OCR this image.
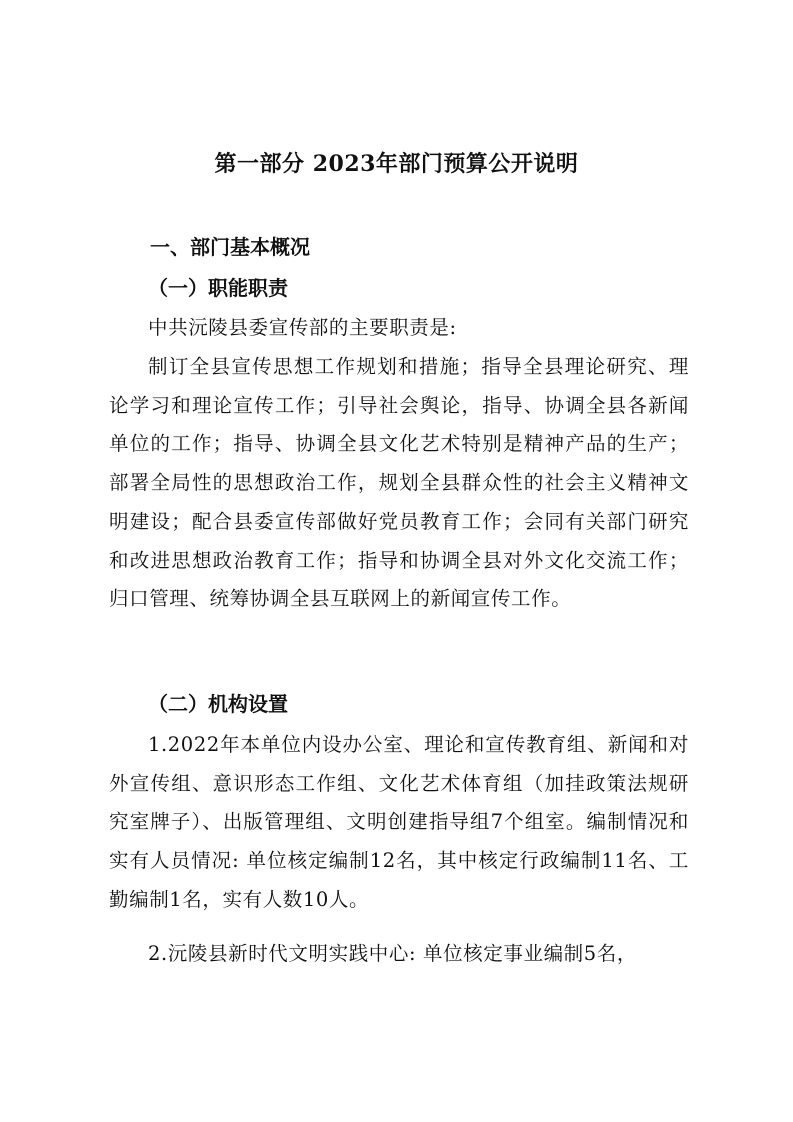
第一部分 2023年部门预算公开说明
一、部门基本概况
（一）职能职责

中共沅陵县委宣传部的主要职责是:

制订全县宣传思想工作规划和措施；指导全县理论研究、理论学习和理论宣传工作；引导社会舆论，指导、协调全县各新闻单位的工作；指导、协调全县文化艺术特别是精神产品的生产；部署全局性的思想政治工作，规划全县群众性的社会主义精神文明建设；配合县委宣传部做好党员教育工作；会同有关部门研究和改进思想政治教育工作；指导和协调全县对外文化交流工作；归口管理、统筹协调全县互联网上的新闻宣传工作。

（二）机构设置

1.2022年本单位内设办公室、理论和宣传教育组、新闻和对外宣传组、意识形态工作组、文化艺术体育组（加挂政策法规研究室牌子）、出版管理组、文明创建指导组7个组室。编制情况和实有人员情况: 单位核定编制12名，其中核定行政编制11名、工勤编制1名，实有人数10人。

2.沅陵县新时代文明实践中心: 单位核定事业编制5名，
